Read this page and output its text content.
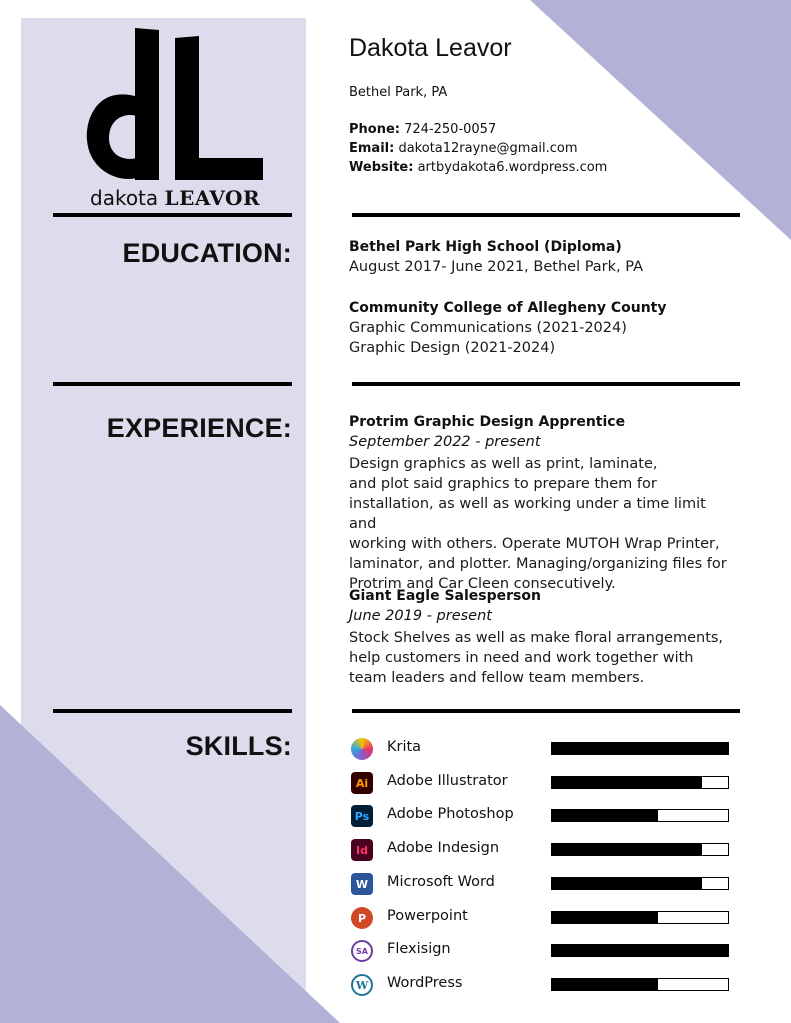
dakota LEAVOR
Dakota Leavor
Bethel Park, PA
Phone: 724-250-0057
Email: dakota12rayne@gmail.com
Website: artbydakota6.wordpress.com
EDUCATION:	Bethel Park High School (Diploma)
August 2017- June 2021, Bethel Park, PA
Community College of Allegheny County
Graphic Communications (2021-2024)
Graphic Design (2021-2024)
EXPERIENCE:	Protrim Graphic Design Apprentice
September 2022 - present
Design graphics as well as print, laminate,
and plot said graphics to prepare them for
installation, as well as working under a time limit and
working with others. Operate MUTOH Wrap Printer,
laminator, and plotter. Managing/organizing files for
Protrim and Car Cleen consecutively.
Giant Eagle Salesperson
June 2019 - present
Stock Shelves as well as make floral arrangements,
help customers in need and work together with
team leaders and fellow team members.
SKILLS:	Krita
Ai	Adobe Illustrator
Ps Adobe Photoshop
Id	Adobe Indesign
W	Microsoft Word
P	Powerpoint
SA	Flexisign
W	WordPress
